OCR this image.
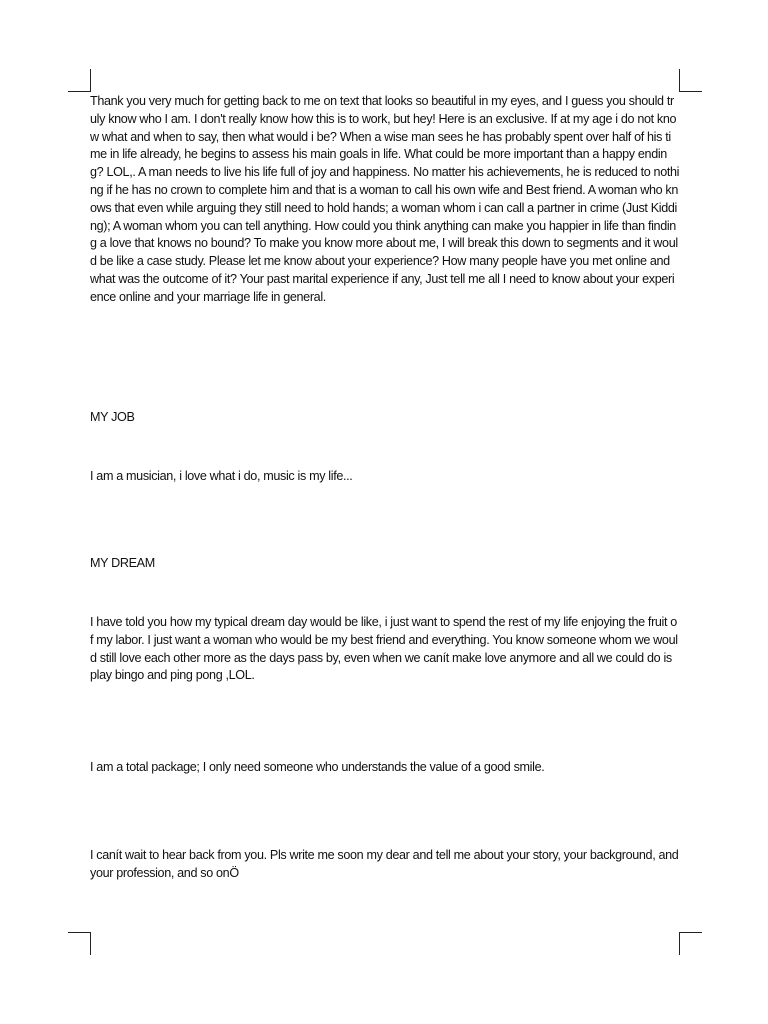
Thank you very much for getting back to me on text that looks so beautiful in my eyes, and I guess you should truly know who I am. I don't really know how this is to work, but hey! Here is an exclusive. If at my age i do not know what and when to say, then what would i be? When a wise man sees he has probably spent over half of his time in life already, he begins to assess his main goals in life. What could be more important than a happy ending? LOL,. A man needs to live his life full of joy and happiness. No matter his achievements, he is reduced to nothing if he has no crown to complete him and that is a woman to call his own wife and Best friend. A woman who knows that even while arguing they still need to hold hands; a woman whom i can call a partner in crime (Just Kidding); A woman whom you can tell anything. How could you think anything can make you happier in life than finding a love that knows no bound? To make you know more about me, I will break this down to segments and it would be like a case study. Please let me know about your experience? How many people have you met online and what was the outcome of it? Your past marital experience if any, Just tell me all I need to know about your experience online and your marriage life in general.

MY JOB

I am a musician, i love what i do, music is my life...

MY DREAM

I have told you how my typical dream day would be like, i just want to spend the rest of my life enjoying the fruit of my labor. I just want a woman who would be my best friend and everything. You know someone whom we would still love each other more as the days pass by, even when we canít make love anymore and all we could do is play bingo and ping pong ,LOL.

I am a total package; I only need someone who understands the value of a good smile.

I canít wait to hear back from you. Pls write me soon my dear and tell me about your story, your background, and your profession, and so onÖ
